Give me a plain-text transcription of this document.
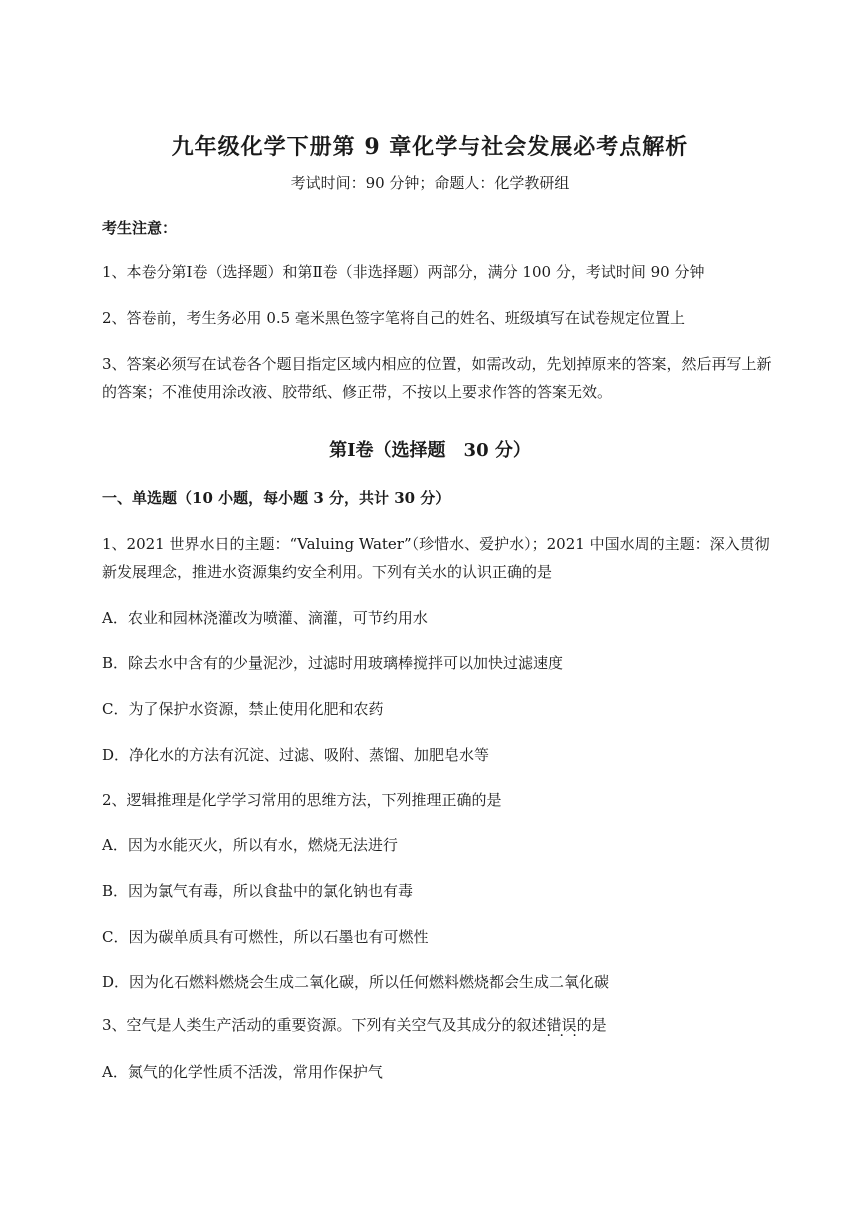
九年级化学下册第 9 章化学与社会发展必考点解析
考试时间：90 分钟；命题人：化学教研组
考生注意：
1、本卷分第Ⅰ卷（选择题）和第Ⅱ卷（非选择题）两部分，满分 100 分，考试时间 90 分钟
2、答卷前，考生务必用 0.5 毫米黑色签字笔将自己的姓名、班级填写在试卷规定位置上
3、答案必须写在试卷各个题目指定区域内相应的位置，如需改动，先划掉原来的答案，然后再写上新
的答案；不准使用涂改液、胶带纸、修正带，不按以上要求作答的答案无效。
第Ⅰ卷（选择题　30 分）
一、单选题（10 小题，每小题 3 分，共计 30 分）
1、2021 世界水日的主题：“Valuing Water”（珍惜水、爱护水）；2021 中国水周的主题：深入贯彻
新发展理念，推进水资源集约安全利用。下列有关水的认识正确的是
A．农业和园林浇灌改为喷灌、滴灌，可节约用水
B．除去水中含有的少量泥沙，过滤时用玻璃棒搅拌可以加快过滤速度
C．为了保护水资源，禁止使用化肥和农药
D．净化水的方法有沉淀、过滤、吸附、蒸馏、加肥皂水等
2、逻辑推理是化学学习常用的思维方法，下列推理正确的是
A．因为水能灭火，所以有水，燃烧无法进行
B．因为氯气有毒，所以食盐中的氯化钠也有毒
C．因为碳单质具有可燃性，所以石墨也有可燃性
D．因为化石燃料燃烧会生成二氧化碳，所以任何燃料燃烧都会生成二氧化碳
3、空气是人类生产活动的重要资源。下列有关空气及其成分的叙述错误 · · ·的是
A．氮气的化学性质不活泼，常用作保护气
